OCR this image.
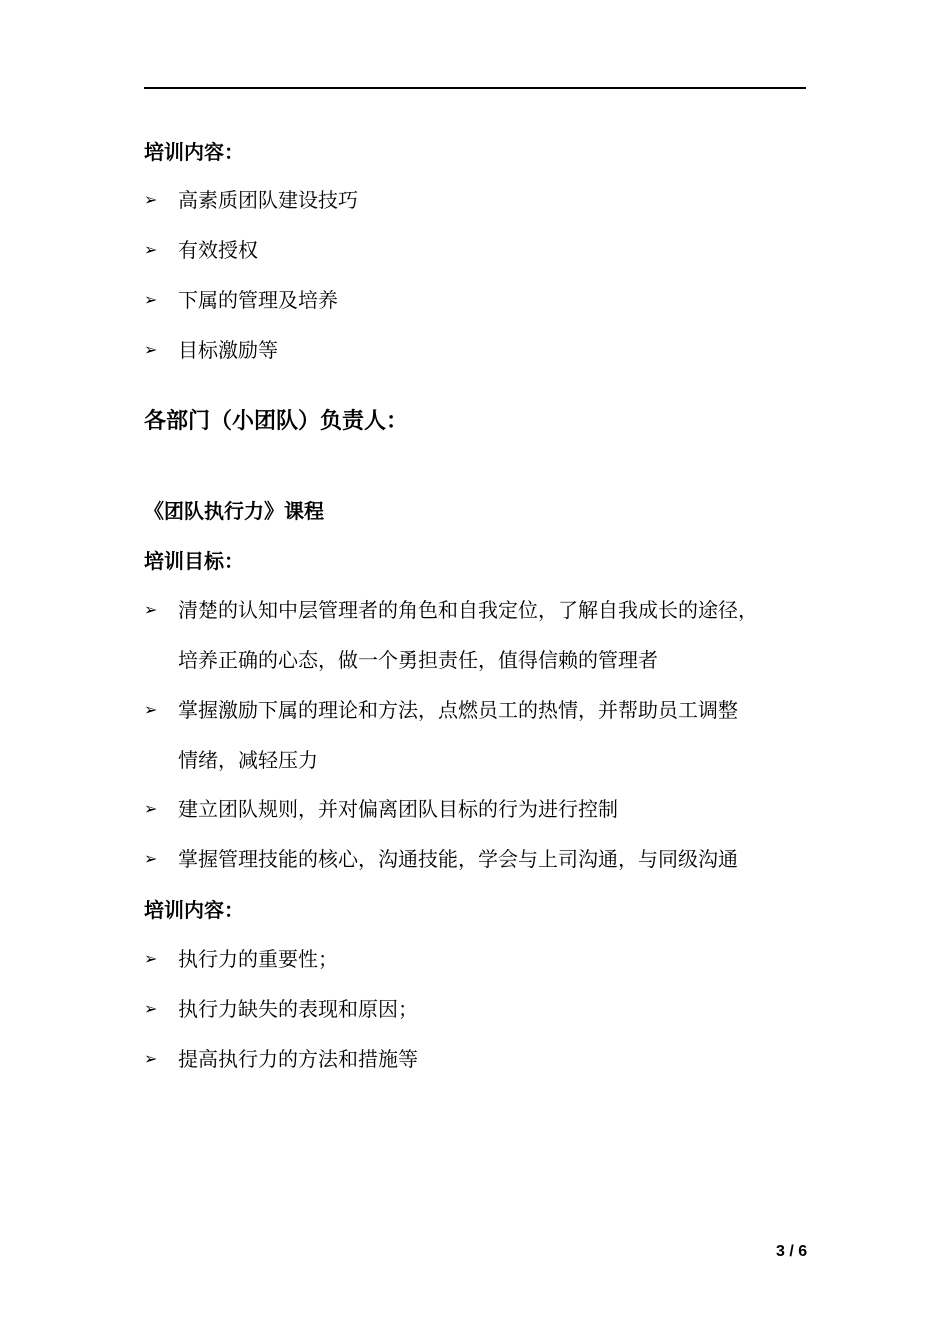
培训内容：
➢	高素质团队建设技巧
➢	有效授权
➢	下属的管理及培养
➢	目标激励等
各部门（小团队）负责人：
《团队执行力》课程
培训目标：
➢	清楚的认知中层管理者的角色和自我定位，了解自我成长的途径，
培养正确的心态，做一个勇担责任，值得信赖的管理者
➢	掌握激励下属的理论和方法，点燃员工的热情，并帮助员工调整
情绪，减轻压力
➢	建立团队规则，并对偏离团队目标的行为进行控制
➢	掌握管理技能的核心，沟通技能，学会与上司沟通，与同级沟通
培训内容：
➢	执行力的重要性；
➢	执行力缺失的表现和原因；
➢	提高执行力的方法和措施等
3 / 6
